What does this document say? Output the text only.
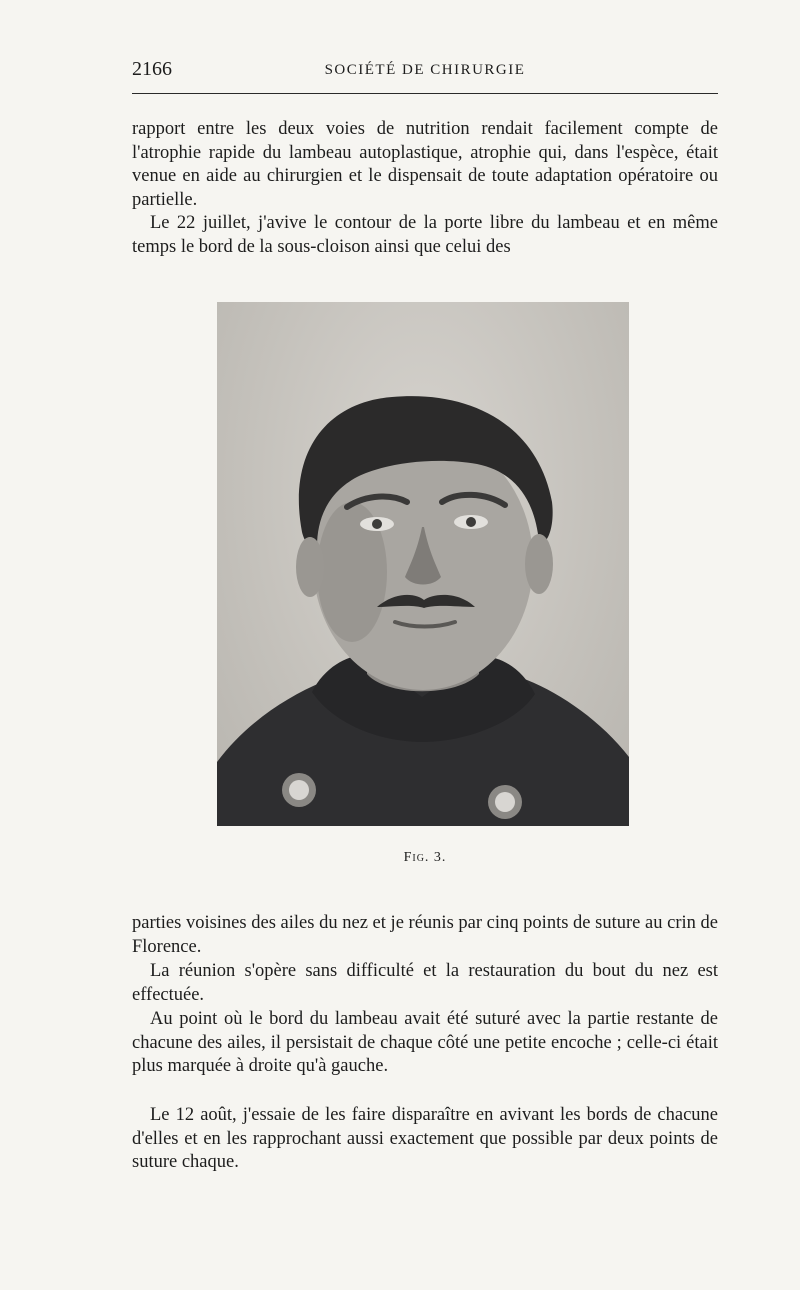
2166	SOCIÉTÉ DE CHIRURGIE

rapport entre les deux voies de nutrition rendait facilement compte de l'atrophie rapide du lambeau autoplastique, atrophie qui, dans l'espèce, était venue en aide au chirurgien et le dispensait de toute adaptation opératoire ou partielle.

Le 22 juillet, j'avive le contour de la porte libre du lambeau et en même temps le bord de la sous-cloison ainsi que celui des

Fig. 3.

parties voisines des ailes du nez et je réunis par cinq points de suture au crin de Florence.

La réunion s'opère sans difficulté et la restauration du bout du nez est effectuée.

Au point où le bord du lambeau avait été suturé avec la partie restante de chacune des ailes, il persistait de chaque côté une petite encoche ; celle-ci était plus marquée à droite qu'à gauche.

Le 12 août, j'essaie de les faire disparaître en avivant les bords de chacune d'elles et en les rapprochant aussi exactement que possible par deux points de suture chaque.
